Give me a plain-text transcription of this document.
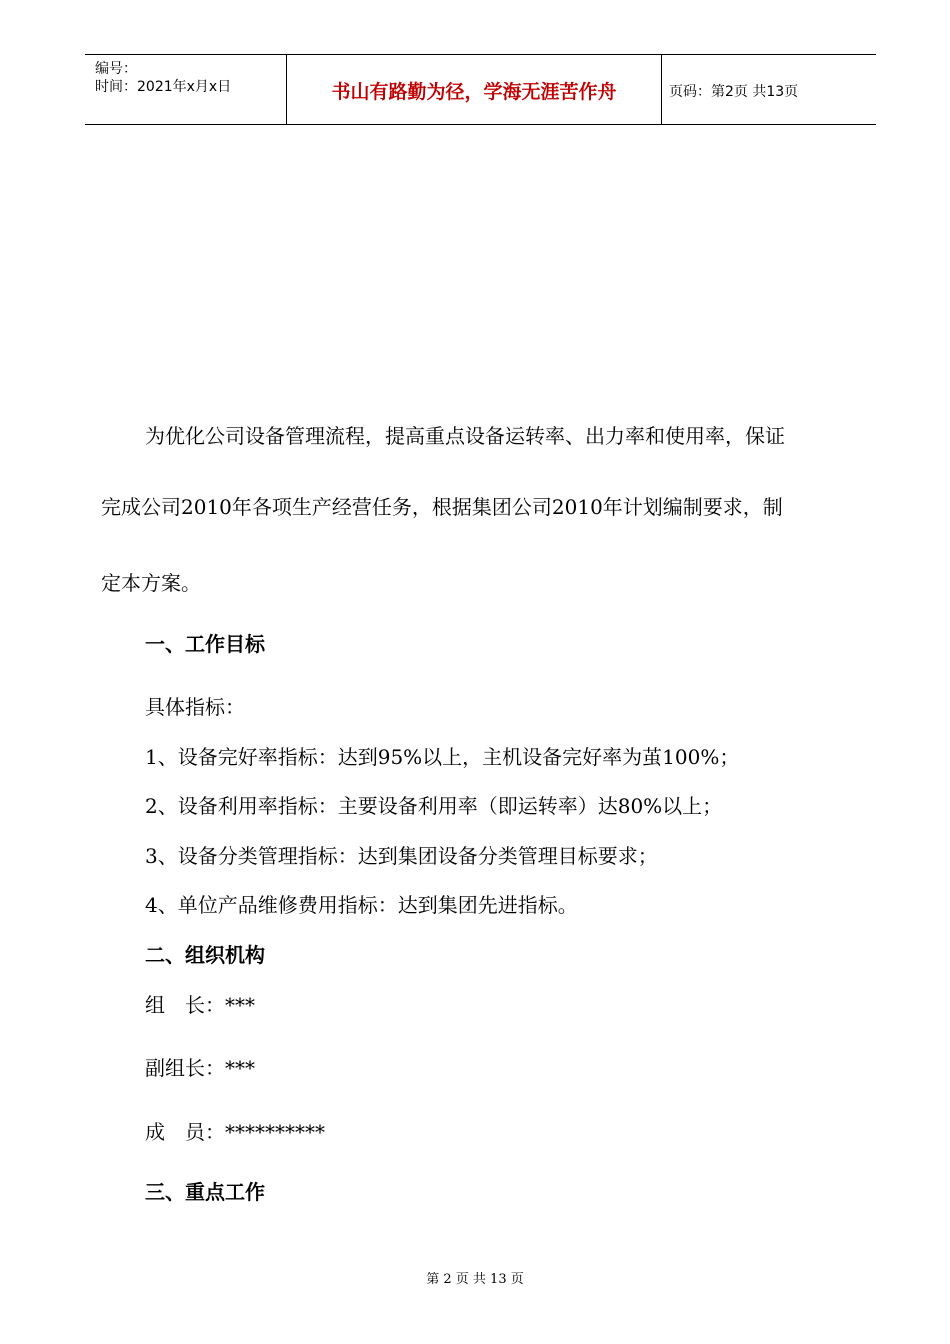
编号：
时间：2021年x月x日	书山有路勤为径，学海无涯苦作舟	页码：第2页 共13页
为优化公司设备管理流程，提高重点设备运转率、出力率和使用率，保证
完成公司2010年各项生产经营任务，根据集团公司2010年计划编制要求，制
定本方案。
一、工作目标
具体指标：
1、设备完好率指标：达到95%以上，主机设备完好率为茧100%；
2、设备利用率指标：主要设备利用率（即运转率）达80%以上；
3、设备分类管理指标：达到集团设备分类管理目标要求；
4、单位产品维修费用指标：达到集团先进指标。
二、组织机构
组　长：***
副组长：***
成　员：**********
三、重点工作
第 2 页 共 13 页
